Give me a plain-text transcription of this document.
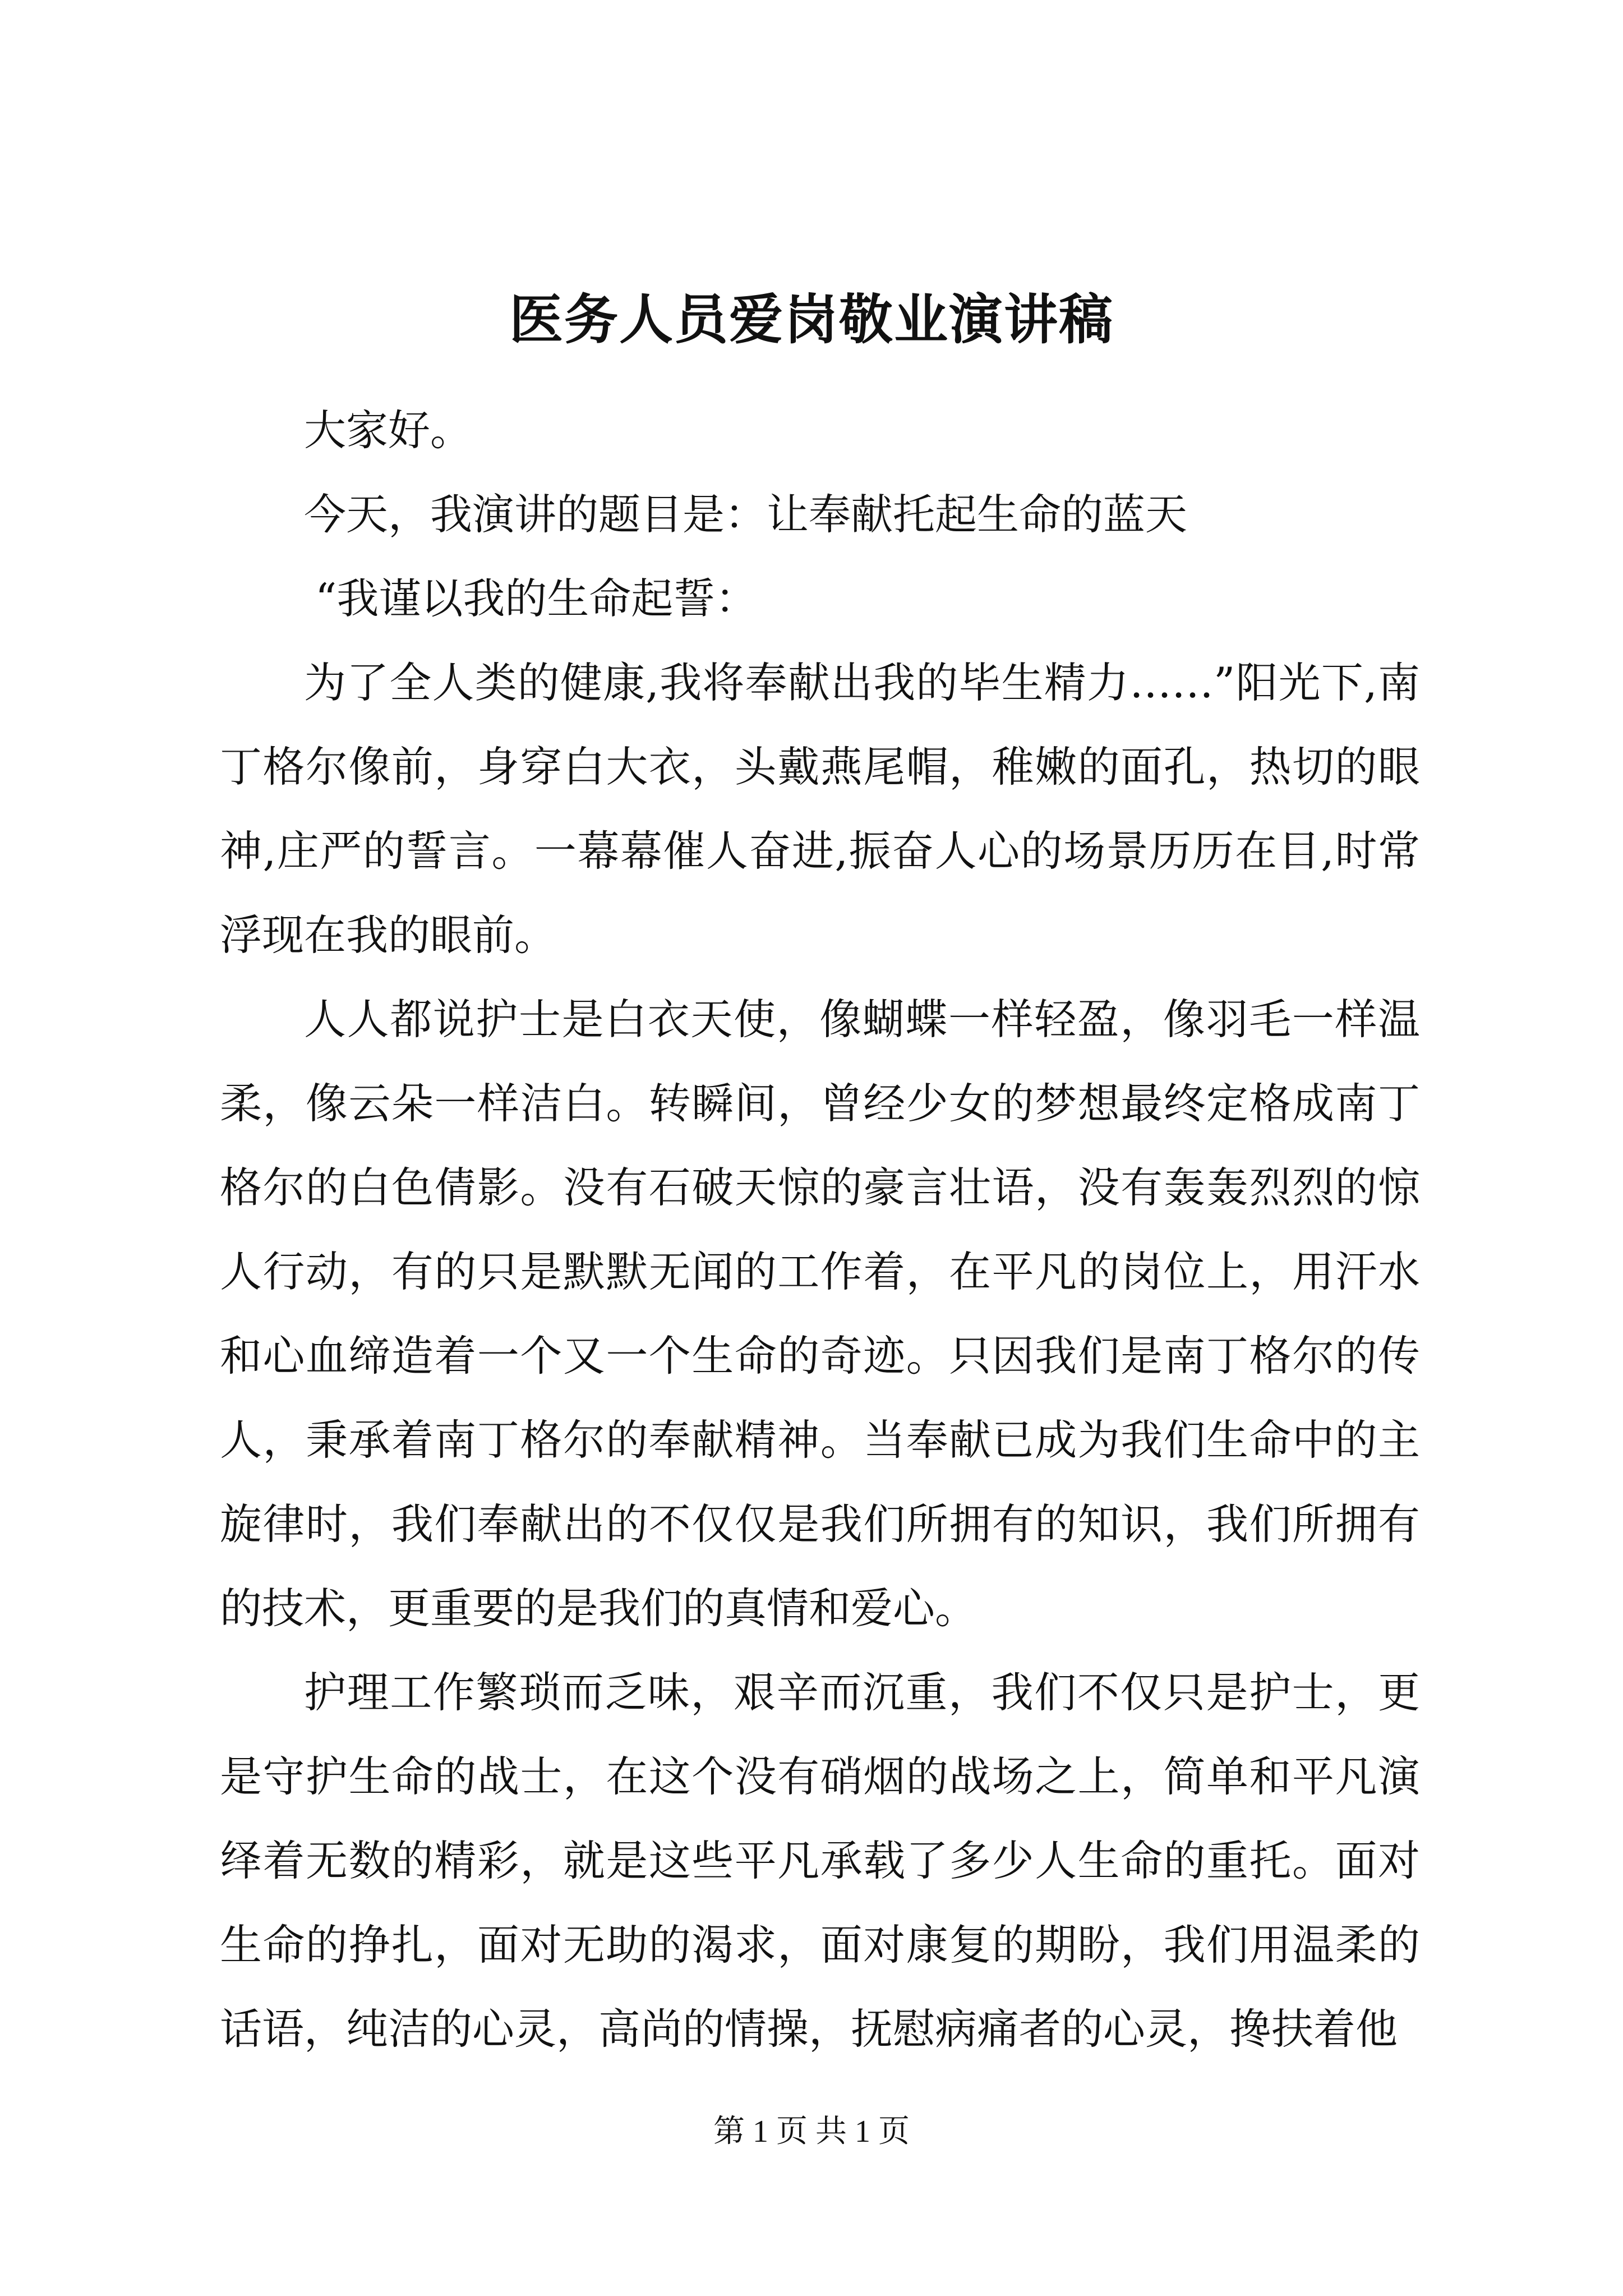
医务人员爱岗敬业演讲稿

大家好。

今天，我演讲的题目是：让奉献托起生命的蓝天

“我谨以我的生命起誓：

为了全人类的健康,我将奉献出我的毕生精力……”阳光下,南丁格尔像前，身穿白大衣，头戴燕尾帽，稚嫩的面孔，热切的眼神,庄严的誓言。一幕幕催人奋进,振奋人心的场景历历在目,时常浮现在我的眼前。

人人都说护士是白衣天使，像蝴蝶一样轻盈，像羽毛一样温柔，像云朵一样洁白。转瞬间，曾经少女的梦想最终定格成南丁格尔的白色倩影。没有石破天惊的豪言壮语，没有轰轰烈烈的惊人行动，有的只是默默无闻的工作着，在平凡的岗位上，用汗水和心血缔造着一个又一个生命的奇迹。只因我们是南丁格尔的传人，秉承着南丁格尔的奉献精神。当奉献已成为我们生命中的主旋律时，我们奉献出的不仅仅是我们所拥有的知识，我们所拥有的技术，更重要的是我们的真情和爱心。

护理工作繁琐而乏味，艰辛而沉重，我们不仅只是护士，更是守护生命的战士，在这个没有硝烟的战场之上，简单和平凡演绎着无数的精彩，就是这些平凡承载了多少人生命的重托。面对生命的挣扎，面对无助的渴求，面对康复的期盼，我们用温柔的话语，纯洁的心灵，高尚的情操，抚慰病痛者的心灵，搀扶着他

第 1 页 共 1 页
